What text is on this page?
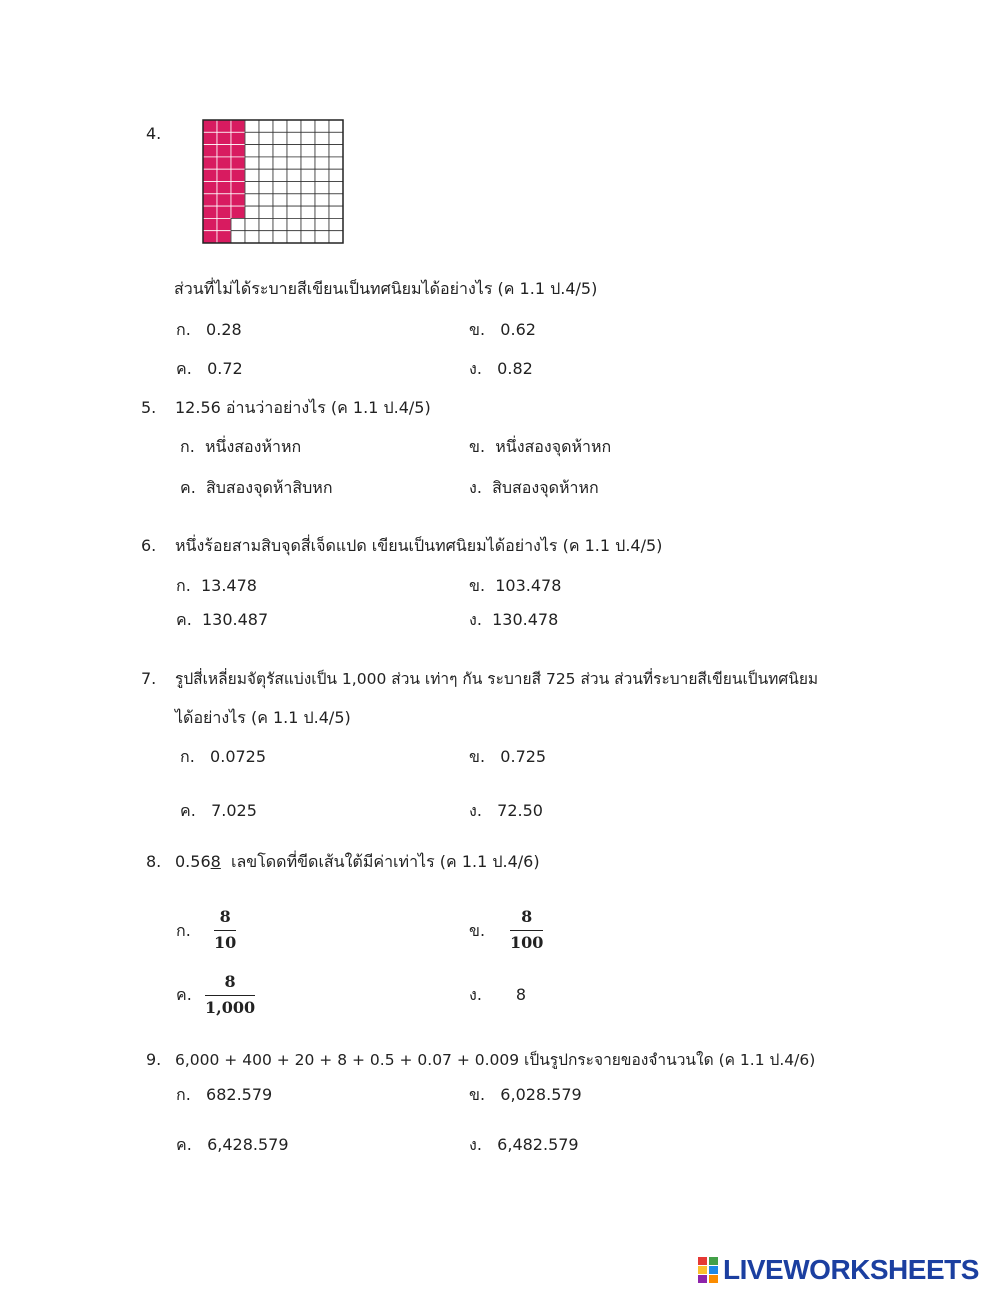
4.
ส่วนที่ไม่ได้ระบายสีเขียนเป็นทศนิยมได้อย่างไร (ค 1.1 ป.4/5)
ก. 0.28	ข. 0.62
ค. 0.72	ง. 0.82
5. 12.56 อ่านว่าอย่างไร (ค 1.1 ป.4/5)
ก. หนึ่งสองห้าหก	ข. หนึ่งสองจุดห้าหก
ค. สิบสองจุดห้าสิบหก	ง. สิบสองจุดห้าหก
6. หนึ่งร้อยสามสิบจุดสี่เจ็ดแปด เขียนเป็นทศนิยมได้อย่างไร (ค 1.1 ป.4/5)
ก. 13.478	ข. 103.478
ค. 130.487	ง. 130.478
7. รูปสี่เหลี่ยมจัตุรัสแบ่งเป็น 1,000 ส่วน เท่าๆ กัน ระบายสี 725 ส่วน ส่วนที่ระบายสีเขียนเป็นทศนิยม
ได้อย่างไร (ค 1.1 ป.4/5)
ก. 0.0725	ข. 0.725
ค. 7.025	ง. 72.50
8. 0.568  เลขโดดที่ขีดเส้นใต้มีค่าเท่าไร (ค 1.1 ป.4/6)
ก.
8
10
ข.
8
100
ค.
8
1,000
ง. 8
9. 6,000 + 400 + 20 + 8 + 0.5 + 0.07 + 0.009 เป็นรูปกระจายของจำนวนใด (ค 1.1 ป.4/6)
ก. 682.579	ข. 6,028.579
ค. 6,428.579	ง. 6,482.579
LIVEWORKSHEETS
